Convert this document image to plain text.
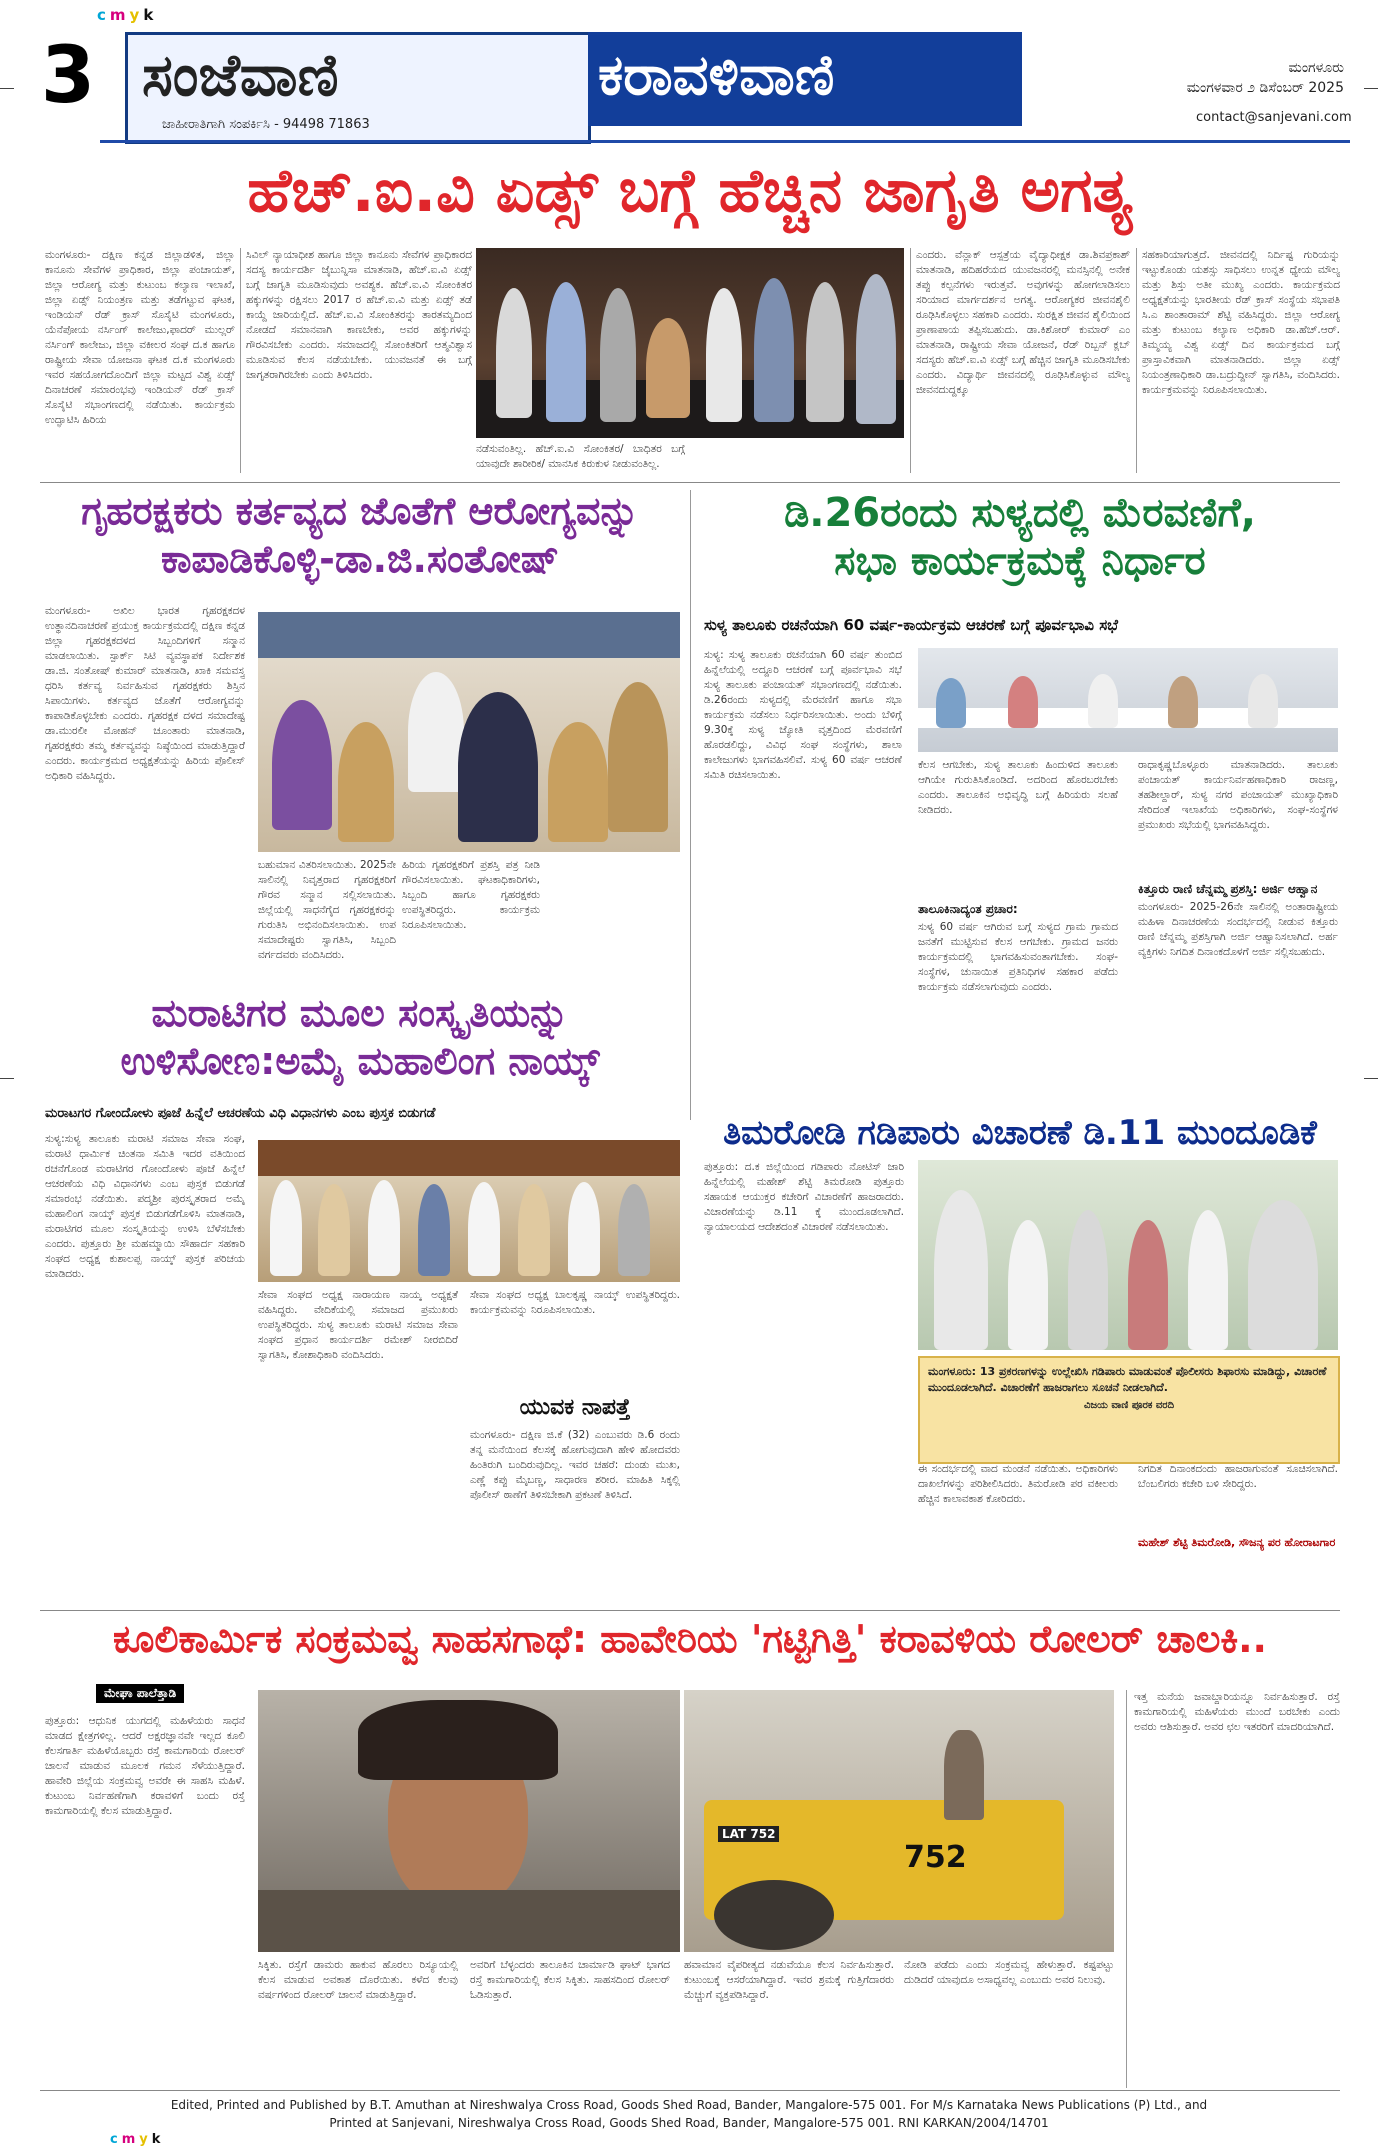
c m y k
3 ಸಂಜೆವಾಣಿ
ಜಾಹೀರಾತಿಗಾಗಿ ಸಂಪರ್ಕಿಸಿ - 94498 71863
ಕರಾವಳಿವಾಣಿ	ಮಂಗಳೂರು
ಮಂಗಳವಾರ ೨ ಡಿಸೆಂಬರ್ 2025
contact@sanjevani.com
ಹೆಚ್.ಐ.ವಿ ಏಡ್ಸ್ ಬಗ್ಗೆ ಹೆಚ್ಚಿನ ಜಾಗೃತಿ ಅಗತ್ಯ
ಮಂಗಳೂರು- ದಕ್ಷಿಣ ಕನ್ನಡ ಜಿಲ್ಲಾಡಳಿತ, ಜಿಲ್ಲಾ ಕಾನೂನು ಸೇವೆಗಳ ಪ್ರಾಧಿಕಾರ, ಜಿಲ್ಲಾ ಪಂಚಾಯತ್, ಜಿಲ್ಲಾ ಆರೋಗ್ಯ ಮತ್ತು ಕುಟುಂಬ ಕಲ್ಯಾಣ ಇಲಾಖೆ, ಜಿಲ್ಲಾ ಏಡ್ಸ್ ನಿಯಂತ್ರಣ ಮತ್ತು ತಡೆಗಟ್ಟುವ ಘಟಕ, ಇಂಡಿಯನ್ ರೆಡ್ ಕ್ರಾಸ್ ಸೊಸೈಟಿ ಮಂಗಳೂರು, ಯೆನೆಪೋಯ ನರ್ಸಿಂಗ್ ಕಾಲೇಜು,ಫಾದರ್ ಮುಲ್ಲರ್ ನರ್ಸಿಂಗ್ ಕಾಲೇಜು, ಜಿಲ್ಲಾ ವಕೀಲರ ಸಂಘ ದ.ಕ ಹಾಗೂ ರಾಷ್ಟ್ರೀಯ ಸೇವಾ ಯೋಜನಾ ಘಟಕ ದ.ಕ ಮಂಗಳೂರು ಇವರ ಸಹಯೋಗದೊಂದಿಗೆ ಜಿಲ್ಲಾ ಮಟ್ಟದ ವಿಶ್ವ ಏಡ್ಸ್ ದಿನಾಚರಣೆ ಸಮಾರಂಭವು ಇಂಡಿಯನ್ ರೆಡ್ ಕ್ರಾಸ್ ಸೊಸೈಟಿ ಸಭಾಂಗಣದಲ್ಲಿ ನಡೆಯಿತು. ಕಾರ್ಯಕ್ರಮ ಉದ್ಘಾಟಿಸಿ ಹಿರಿಯ
ಸಿವಿಲ್ ನ್ಯಾಯಾಧೀಶ ಹಾಗೂ ಜಿಲ್ಲಾ ಕಾನೂನು ಸೇವೆಗಳ ಪ್ರಾಧಿಕಾರದ ಸದಸ್ಯ ಕಾರ್ಯದರ್ಶಿ ಜೈಬುನ್ನಿಸಾ ಮಾತನಾಡಿ, ಹೆಚ್.ಐ.ವಿ ಏಡ್ಸ್ ಬಗ್ಗೆ ಜಾಗೃತಿ ಮೂಡಿಸುವುದು ಅವಶ್ಯಕ. ಹೆಚ್.ಐ.ವಿ ಸೋಂಕಿತರ ಹಕ್ಕುಗಳನ್ನು ರಕ್ಷಿಸಲು 2017 ರ ಹೆಚ್.ಐ.ವಿ ಮತ್ತು ಏಡ್ಸ್ ತಡೆ ಕಾಯ್ದೆ ಜಾರಿಯಲ್ಲಿದೆ. ಹೆಚ್.ಐ.ವಿ ಸೋಂಕಿತರನ್ನು ತಾರತಮ್ಯದಿಂದ ನೋಡದೆ ಸಮಾನವಾಗಿ ಕಾಣಬೇಕು, ಅವರ ಹಕ್ಕುಗಳನ್ನು ಗೌರವಿಸಬೇಕು ಎಂದರು. ಸಮಾಜದಲ್ಲಿ ಸೋಂಕಿತರಿಗೆ ಆತ್ಮವಿಶ್ವಾಸ ಮೂಡಿಸುವ ಕೆಲಸ ನಡೆಯಬೇಕು. ಯುವಜನತೆ ಈ ಬಗ್ಗೆ ಜಾಗೃತರಾಗಿರಬೇಕು ಎಂದು ತಿಳಿಸಿದರು.
ನಡೆಸುವಂತಿಲ್ಲ. ಹೆಚ್.ಐ.ವಿ ಸೋಂಕಿತರ/ ಬಾಧಿತರ ಬಗ್ಗೆ ಯಾವುದೇ ಶಾರೀರಿಕ/ ಮಾನಸಿಕ ಕಿರುಕುಳ ನೀಡುವಂತಿಲ್ಲ.
ಎಂದರು. ವೆನ್ಲಾಕ್ ಆಸ್ಪತ್ರೆಯ ವೈದ್ಯಾಧೀಕ್ಷಕ ಡಾ.ಶಿವಪ್ರಕಾಶ್ ಮಾತನಾಡಿ, ಹದಿಹರೆಯದ ಯುವಜನರಲ್ಲಿ ಮನಸ್ಸಿನಲ್ಲಿ ಅನೇಕ ತಪ್ಪು ಕಲ್ಪನೆಗಳು ಇರುತ್ತವೆ. ಅವುಗಳನ್ನು ಹೋಗಲಾಡಿಸಲು ಸರಿಯಾದ ಮಾರ್ಗದರ್ಶನ ಅಗತ್ಯ. ಆರೋಗ್ಯಕರ ಜೀವನಶೈಲಿ ರೂಢಿಸಿಕೊಳ್ಳಲು ಸಹಕಾರಿ ಎಂದರು. ಸುರಕ್ಷಿತ ಜೀವನ ಶೈಲಿಯಿಂದ ಪ್ರಾಣಾಪಾಯ ತಪ್ಪಿಸಬಹುದು. ಡಾ.ಕಿಶೋರ್ ಕುಮಾರ್ ಎಂ ಮಾತನಾಡಿ, ರಾಷ್ಟ್ರೀಯ ಸೇವಾ ಯೋಜನೆ, ರೆಡ್ ರಿಬ್ಬನ್ ಕ್ಲಬ್ ಸದಸ್ಯರು ಹೆಚ್.ಐ.ವಿ ಏಡ್ಸ್ ಬಗ್ಗೆ ಹೆಚ್ಚಿನ ಜಾಗೃತಿ ಮೂಡಿಸಬೇಕು ಎಂದರು. ವಿದ್ಯಾರ್ಥಿ ಜೀವನದಲ್ಲಿ ರೂಢಿಸಿಕೊಳ್ಳುವ ಮೌಲ್ಯ ಜೀವನದುದ್ದಕ್ಕೂ
ಸಹಕಾರಿಯಾಗುತ್ತದೆ. ಜೀವನದಲ್ಲಿ ನಿರ್ದಿಷ್ಟ ಗುರಿಯನ್ನು ಇಟ್ಟುಕೊಂಡು ಯಶಸ್ಸು ಸಾಧಿಸಲು ಉನ್ನತ ಧ್ಯೇಯ ಮೌಲ್ಯ ಮತ್ತು ಶಿಸ್ತು ಅತೀ ಮುಖ್ಯ ಎಂದರು. ಕಾರ್ಯಕ್ರಮದ ಅಧ್ಯಕ್ಷತೆಯನ್ನು ಭಾರತೀಯ ರೆಡ್ ಕ್ರಾಸ್ ಸಂಸ್ಥೆಯ ಸಭಾಪತಿ ಸಿ.ಎ ಶಾಂತಾರಾಮ್ ಶೆಟ್ಟಿ ವಹಿಸಿದ್ದರು. ಜಿಲ್ಲಾ ಆರೋಗ್ಯ ಮತ್ತು ಕುಟುಂಬ ಕಲ್ಯಾಣ ಅಧಿಕಾರಿ ಡಾ.ಹೆಚ್.ಆರ್. ತಿಮ್ಮಯ್ಯ ವಿಶ್ವ ಏಡ್ಸ್ ದಿನ ಕಾರ್ಯಕ್ರಮದ ಬಗ್ಗೆ ಪ್ರಾಸ್ತಾವಿಕವಾಗಿ ಮಾತನಾಡಿದರು. ಜಿಲ್ಲಾ ಏಡ್ಸ್ ನಿಯಂತ್ರಣಾಧಿಕಾರಿ ಡಾ.ಬದ್ರುದ್ದೀನ್ ಸ್ವಾಗತಿಸಿ, ವಂದಿಸಿದರು. ಕಾರ್ಯಕ್ರಮವನ್ನು ನಿರೂಪಿಸಲಾಯಿತು.
ಗೃಹರಕ್ಷಕರು ಕರ್ತವ್ಯದ ಜೊತೆಗೆ ಆರೋಗ್ಯವನ್ನು
ಕಾಪಾಡಿಕೊಳ್ಳಿ-ಡಾ.ಜಿ.ಸಂತೋಷ್
ಮಂಗಳೂರು- ಅಖಿಲ ಭಾರತ ಗೃಹರಕ್ಷಕದಳ ಉತ್ಥಾನದಿನಾಚರಣೆ ಪ್ರಯುಕ್ತ ಕಾರ್ಯಕ್ರಮದಲ್ಲಿ ದಕ್ಷಿಣ ಕನ್ನಡ ಜಿಲ್ಲಾ ಗೃಹರಕ್ಷಕದಳದ ಸಿಬ್ಬಂದಿಗಳಿಗೆ ಸನ್ಮಾನ ಮಾಡಲಾಯಿತು. ಸ್ಪಾರ್ಕ್ ಸಿಟಿ ವ್ಯವಸ್ಥಾಪಕ ನಿರ್ದೇಶಕ ಡಾ.ಜಿ. ಸಂತೋಷ್ ಕುಮಾರ್ ಮಾತನಾಡಿ, ಖಾಕಿ ಸಮವಸ್ತ್ರ ಧರಿಸಿ ಕರ್ತವ್ಯ ನಿರ್ವಹಿಸುವ ಗೃಹರಕ್ಷಕರು ಶಿಸ್ತಿನ ಸಿಪಾಯಿಗಳು. ಕರ್ತವ್ಯದ ಜೊತೆಗೆ ಆರೋಗ್ಯವನ್ನು ಕಾಪಾಡಿಕೊಳ್ಳಬೇಕು ಎಂದರು. ಗೃಹರಕ್ಷಕ ದಳದ ಸಮಾದೇಷ್ಟ ಡಾ.ಮುರಲೀ ಮೋಹನ್ ಚೂಂತಾರು ಮಾತನಾಡಿ, ಗೃಹರಕ್ಷಕರು ತಮ್ಮ ಕರ್ತವ್ಯವನ್ನು ನಿಷ್ಠೆಯಿಂದ ಮಾಡುತ್ತಿದ್ದಾರೆ ಎಂದರು. ಕಾರ್ಯಕ್ರಮದ ಅಧ್ಯಕ್ಷತೆಯನ್ನು ಹಿರಿಯ ಪೊಲೀಸ್ ಅಧಿಕಾರಿ ವಹಿಸಿದ್ದರು.
ಬಹುಮಾನ ವಿತರಿಸಲಾಯಿತು. 2025ನೇ ಸಾಲಿನಲ್ಲಿ ನಿವೃತ್ತರಾದ ಗೃಹರಕ್ಷಕರಿಗೆ ಗೌರವ ಸನ್ಮಾನ ಸಲ್ಲಿಸಲಾಯಿತು. ಜಿಲ್ಲೆಯಲ್ಲಿ ಸಾಧನೆಗೈದ ಗೃಹರಕ್ಷಕರನ್ನು ಗುರುತಿಸಿ ಅಭಿನಂದಿಸಲಾಯಿತು. ಉಪ ಸಮಾದೇಷ್ಟರು ಸ್ವಾಗತಿಸಿ, ಸಿಬ್ಬಂದಿ ವರ್ಗದವರು ವಂದಿಸಿದರು.
ಹಿರಿಯ ಗೃಹರಕ್ಷಕರಿಗೆ ಪ್ರಶಸ್ತಿ ಪತ್ರ ನೀಡಿ ಗೌರವಿಸಲಾಯಿತು. ಘಟಕಾಧಿಕಾರಿಗಳು, ಸಿಬ್ಬಂದಿ ಹಾಗೂ ಗೃಹರಕ್ಷಕರು ಉಪಸ್ಥಿತರಿದ್ದರು. ಕಾರ್ಯಕ್ರಮ ನಿರೂಪಿಸಲಾಯಿತು.
ಡಿ.26ರಂದು ಸುಳ್ಯದಲ್ಲಿ ಮೆರವಣಿಗೆ,
ಸಭಾ ಕಾರ್ಯಕ್ರಮಕ್ಕೆ ನಿರ್ಧಾರ
ಸುಳ್ಯ ತಾಲೂಕು ರಚನೆಯಾಗಿ 60 ವರ್ಷ-ಕಾರ್ಯಕ್ರಮ ಆಚರಣೆ ಬಗ್ಗೆ ಪೂರ್ವಭಾವಿ ಸಭೆ
ಸುಳ್ಯ: ಸುಳ್ಯ ತಾಲೂಕು ರಚನೆಯಾಗಿ 60 ವರ್ಷ ತುಂಬಿದ ಹಿನ್ನೆಲೆಯಲ್ಲಿ ಅದ್ದೂರಿ ಆಚರಣೆ ಬಗ್ಗೆ ಪೂರ್ವಭಾವಿ ಸಭೆ ಸುಳ್ಯ ತಾಲೂಕು ಪಂಚಾಯತ್ ಸಭಾಂಗಣದಲ್ಲಿ ನಡೆಯಿತು. ಡಿ.26ರಂದು ಸುಳ್ಯದಲ್ಲಿ ಮೆರವಣಿಗೆ ಹಾಗೂ ಸಭಾ ಕಾರ್ಯಕ್ರಮ ನಡೆಸಲು ನಿರ್ಧರಿಸಲಾಯಿತು. ಅಂದು ಬೆಳಿಗ್ಗೆ 9.30ಕ್ಕೆ ಸುಳ್ಯ ಜ್ಯೋತಿ ವೃತ್ತದಿಂದ ಮೆರವಣಿಗೆ ಹೊರಡಲಿದ್ದು, ವಿವಿಧ ಸಂಘ ಸಂಸ್ಥೆಗಳು, ಶಾಲಾ ಕಾಲೇಜುಗಳು ಭಾಗವಹಿಸಲಿವೆ. ಸುಳ್ಯ 60 ವರ್ಷ ಆಚರಣೆ ಸಮಿತಿ ರಚಿಸಲಾಯಿತು.
ಕೆಲಸ ಆಗಬೇಕು, ಸುಳ್ಯ ತಾಲೂಕು ಹಿಂದುಳಿದ ತಾಲೂಕು ಆಗಿಯೇ ಗುರುತಿಸಿಕೊಂಡಿದೆ. ಅದರಿಂದ ಹೊರಬರಬೇಕು ಎಂದರು. ತಾಲೂಕಿನ ಅಭಿವೃದ್ಧಿ ಬಗ್ಗೆ ಹಿರಿಯರು ಸಲಹೆ ನೀಡಿದರು.
ತಾಲೂಕಿನಾದ್ಯಂತ ಪ್ರಚಾರ:
ಸುಳ್ಯ 60 ವರ್ಷ ಆಗಿರುವ ಬಗ್ಗೆ ಸುಳ್ಯದ ಗ್ರಾಮ ಗ್ರಾಮದ ಜನತೆಗೆ ಮುಟ್ಟಿಸುವ ಕೆಲಸ ಆಗಬೇಕು. ಗ್ರಾಮದ ಜನರು ಕಾರ್ಯಕ್ರಮದಲ್ಲಿ ಭಾಗವಹಿಸುವಂತಾಗಬೇಕು. ಸಂಘ-ಸಂಸ್ಥೆಗಳ, ಚುನಾಯಿತ ಪ್ರತಿನಿಧಿಗಳ ಸಹಕಾರ ಪಡೆದು ಕಾರ್ಯಕ್ರಮ ನಡೆಸಲಾಗುವುದು ಎಂದರು.
ರಾಧಾಕೃಷ್ಣಬೊಳ್ಳೂರು ಮಾತನಾಡಿದರು. ತಾಲೂಕು ಪಂಚಾಯತ್ ಕಾರ್ಯನಿರ್ವಹಣಾಧಿಕಾರಿ ರಾಜಣ್ಣ, ತಹಶೀಲ್ದಾರ್, ಸುಳ್ಯ ನಗರ ಪಂಚಾಯತ್ ಮುಖ್ಯಾಧಿಕಾರಿ ಸೇರಿದಂತೆ ಇಲಾಖೆಯ ಅಧಿಕಾರಿಗಳು, ಸಂಘ-ಸಂಸ್ಥೆಗಳ ಪ್ರಮುಖರು ಸಭೆಯಲ್ಲಿ ಭಾಗವಹಿಸಿದ್ದರು.
ಕಿತ್ತೂರು ರಾಣಿ ಚೆನ್ನಮ್ಮ ಪ್ರಶಸ್ತಿ: ಅರ್ಜಿ ಆಹ್ವಾನ
ಮಂಗಳೂರು- 2025-26ನೇ ಸಾಲಿನಲ್ಲಿ ಅಂತಾರಾಷ್ಟ್ರೀಯ ಮಹಿಳಾ ದಿನಾಚರಣೆಯ ಸಂದರ್ಭದಲ್ಲಿ ನೀಡುವ ಕಿತ್ತೂರು ರಾಣಿ ಚೆನ್ನಮ್ಮ ಪ್ರಶಸ್ತಿಗಾಗಿ ಅರ್ಜಿ ಆಹ್ವಾನಿಸಲಾಗಿದೆ. ಅರ್ಹ ವ್ಯಕ್ತಿಗಳು ನಿಗದಿತ ದಿನಾಂಕದೊಳಗೆ ಅರ್ಜಿ ಸಲ್ಲಿಸಬಹುದು.
ಮರಾಟಿಗರ ಮೂಲ ಸಂಸ್ಕೃತಿಯನ್ನು
ಉಳಿಸೋಣ:ಅಮೈ ಮಹಾಲಿಂಗ ನಾಯ್ಕ್
ಮರಾಟಗರ ಗೋಂದೋಳು ಪೂಜೆ ಹಿನ್ನೆಲೆ ಆಚರಣೆಯ ವಿಧಿ ವಿಧಾನಗಳು ಎಂಬ ಪುಸ್ತಕ ಬಿಡುಗಡೆ
ಸುಳ್ಯ:ಸುಳ್ಯ ತಾಲೂಕು ಮರಾಟಿ ಸಮಾಜ ಸೇವಾ ಸಂಘ, ಮರಾಟಿ ಧಾರ್ಮಿಕ ಚಿಂತನಾ ಸಮಿತಿ ಇದರ ವತಿಯಿಂದ ರಚನೆಗೊಂಡ ಮರಾಟಿಗರ ಗೋಂದೋಳು ಪೂಜೆ ಹಿನ್ನೆಲೆ ಆಚರಣೆಯ ವಿಧಿ ವಿಧಾನಗಳು ಎಂಬ ಪುಸ್ತಕ ಬಿಡುಗಡೆ ಸಮಾರಂಭ ನಡೆಯಿತು. ಪದ್ಮಶ್ರೀ ಪುರಸ್ಕೃತರಾದ ಅಮೈ ಮಹಾಲಿಂಗ ನಾಯ್ಕ್ ಪುಸ್ತಕ ಬಿಡುಗಡೆಗೊಳಿಸಿ ಮಾತನಾಡಿ, ಮರಾಟಿಗರ ಮೂಲ ಸಂಸ್ಕೃತಿಯನ್ನು ಉಳಿಸಿ ಬೆಳೆಸಬೇಕು ಎಂದರು. ಪುತ್ತೂರು ಶ್ರೀ ಮಹಮ್ಮಾಯಿ ಸೌಹಾರ್ದ ಸಹಕಾರಿ ಸಂಘದ ಅಧ್ಯಕ್ಷ ಕುಶಾಲಪ್ಪ ನಾಯ್ಕ್ ಪುಸ್ತಕ ಪರಿಚಯ ಮಾಡಿದರು.
ಸೇವಾ ಸಂಘದ ಅಧ್ಯಕ್ಷ ನಾರಾಯಣ ನಾಯ್ಕ ಅಧ್ಯಕ್ಷತೆ ವಹಿಸಿದ್ದರು. ವೇದಿಕೆಯಲ್ಲಿ ಸಮಾಜದ ಪ್ರಮುಖರು ಉಪಸ್ಥಿತರಿದ್ದರು. ಸುಳ್ಯ ತಾಲೂಕು ಮರಾಟಿ ಸಮಾಜ ಸೇವಾ ಸಂಘದ ಪ್ರಧಾನ ಕಾರ್ಯದರ್ಶಿ ರಮೇಶ್ ನೀರಬಿದಿರೆ ಸ್ವಾಗತಿಸಿ, ಕೋಶಾಧಿಕಾರಿ ವಂದಿಸಿದರು.
ಸೇವಾ ಸಂಘದ ಅಧ್ಯಕ್ಷ ಬಾಲಕೃಷ್ಣ ನಾಯ್ಕ್ ಉಪಸ್ಥಿತರಿದ್ದರು. ಕಾರ್ಯಕ್ರಮವನ್ನು ನಿರೂಪಿಸಲಾಯಿತು.
ಯುವಕ ನಾಪತ್ತೆ
ಮಂಗಳೂರು- ದಕ್ಷಿಣ ಜಿ.ಕೆ (32) ಎಂಬುವರು ಡಿ.6 ರಂದು ತನ್ನ ಮನೆಯಿಂದ ಕೆಲಸಕ್ಕೆ ಹೋಗುವುದಾಗಿ ಹೇಳಿ ಹೋದವರು ಹಿಂತಿರುಗಿ ಬಂದಿರುವುದಿಲ್ಲ. ಇವರ ಚಹರೆ: ದುಂಡು ಮುಖ, ಎಣ್ಣೆ ಕಪ್ಪು ಮೈಬಣ್ಣ, ಸಾಧಾರಣ ಶರೀರ. ಮಾಹಿತಿ ಸಿಕ್ಕಲ್ಲಿ ಪೊಲೀಸ್ ಠಾಣೆಗೆ ತಿಳಿಸಬೇಕಾಗಿ ಪ್ರಕಟಣೆ ತಿಳಿಸಿದೆ.
ತಿಮರೋಡಿ ಗಡಿಪಾರು ವಿಚಾರಣೆ ಡಿ.11 ಮುಂದೂಡಿಕೆ
ಪುತ್ತೂರು: ದ.ಕ ಜಿಲ್ಲೆಯಿಂದ ಗಡಿಪಾರು ನೋಟಿಸ್ ಜಾರಿ ಹಿನ್ನೆಲೆಯಲ್ಲಿ ಮಹೇಶ್ ಶೆಟ್ಟಿ ತಿಮರೋಡಿ ಪುತ್ತೂರು ಸಹಾಯಕ ಆಯುಕ್ತರ ಕಚೇರಿಗೆ ವಿಚಾರಣೆಗೆ ಹಾಜರಾದರು. ವಿಚಾರಣೆಯನ್ನು ಡಿ.11 ಕ್ಕೆ ಮುಂದೂಡಲಾಗಿದೆ. ನ್ಯಾಯಾಲಯದ ಆದೇಶದಂತೆ ವಿಚಾರಣೆ ನಡೆಸಲಾಯಿತು.
ಮಂಗಳೂರು: 13 ಪ್ರಕರಣಗಳನ್ನು ಉಲ್ಲೇಖಿಸಿ ಗಡಿಪಾರು ಮಾಡುವಂತೆ ಪೊಲೀಸರು ಶಿಫಾರಸು ಮಾಡಿದ್ದು, ವಿಚಾರಣೆ ಮುಂದೂಡಲಾಗಿದೆ. ವಿಚಾರಣೆಗೆ ಹಾಜರಾಗಲು ಸೂಚನೆ ನೀಡಲಾಗಿದೆ.
ವಿಜಯ ವಾಣಿ ಪೂರಕ ವರದಿ
ಈ ಸಂದರ್ಭದಲ್ಲಿ ವಾದ ಮಂಡನೆ ನಡೆಯಿತು. ಅಧಿಕಾರಿಗಳು ದಾಖಲೆಗಳನ್ನು ಪರಿಶೀಲಿಸಿದರು. ತಿಮರೋಡಿ ಪರ ವಕೀಲರು ಹೆಚ್ಚಿನ ಕಾಲಾವಕಾಶ ಕೋರಿದರು.
ನಿಗದಿತ ದಿನಾಂಕದಂದು ಹಾಜರಾಗುವಂತೆ ಸೂಚಿಸಲಾಗಿದೆ. ಬೆಂಬಲಿಗರು ಕಚೇರಿ ಬಳಿ ಸೇರಿದ್ದರು.
ಮಹೇಶ್ ಶೆಟ್ಟಿ ತಿಮರೋಡಿ, ಸೌಜನ್ಯ ಪರ ಹೋರಾಟಗಾರ
ಕೂಲಿಕಾರ್ಮಿಕ ಸಂಕ್ರಮವ್ವ ಸಾಹಸಗಾಥೆ: ಹಾವೇರಿಯ 'ಗಟ್ಟಿಗಿತ್ತಿ' ಕರಾವಳಿಯ ರೋಲರ್ ಚಾಲಕಿ..
ಮೇಘಾ ಪಾಲೆತ್ತಾಡಿ
ಪುತ್ತೂರು: ಆಧುನಿಕ ಯುಗದಲ್ಲಿ ಮಹಿಳೆಯರು ಸಾಧನೆ ಮಾಡದ ಕ್ಷೇತ್ರಗಳಿಲ್ಲ. ಆದರೆ ಅಕ್ಷರಜ್ಞಾನವೇ ಇಲ್ಲದ ಕೂಲಿ ಕೆಲಸಗಾರ್ತಿ ಮಹಿಳೆಯೊಬ್ಬರು ರಸ್ತೆ ಕಾಮಗಾರಿಯ ರೋಲರ್ ಚಾಲನೆ ಮಾಡುವ ಮೂಲಕ ಗಮನ ಸೆಳೆಯುತ್ತಿದ್ದಾರೆ. ಹಾವೇರಿ ಜಿಲ್ಲೆಯ ಸಂಕ್ರಮವ್ವ ಅವರೇ ಈ ಸಾಹಸಿ ಮಹಿಳೆ. ಕುಟುಂಬ ನಿರ್ವಹಣೆಗಾಗಿ ಕರಾವಳಿಗೆ ಬಂದು ರಸ್ತೆ ಕಾಮಗಾರಿಯಲ್ಲಿ ಕೆಲಸ ಮಾಡುತ್ತಿದ್ದಾರೆ.
752
LAT 752
ಸಿಕ್ಕಿತು. ರಸ್ತೆಗೆ ಡಾಮರು ಹಾಕುವ ಹೊರಲು ರಿಸ್ಯೂಯಲ್ಲಿ ಕೆಲಸ ಮಾಡುವ ಅವಕಾಶ ದೊರೆಯಿತು. ಕಳೆದ ಕೆಲವು ವರ್ಷಗಳಿಂದ ರೋಲರ್ ಚಾಲನೆ ಮಾಡುತ್ತಿದ್ದಾರೆ.
ಅವರಿಗೆ ಬೆಳ್ಳಂದರು ತಾಲೂಕಿನ ಚಾರ್ಮಾಡಿ ಘಾಟ್ ಭಾಗದ ರಸ್ತೆ ಕಾಮಗಾರಿಯಲ್ಲಿ ಕೆಲಸ ಸಿಕ್ಕಿತು. ಸಾಹಸದಿಂದ ರೋಲರ್ ಓಡಿಸುತ್ತಾರೆ.
ಹವಾಮಾನ ವೈಪರೀತ್ಯದ ನಡುವೆಯೂ ಕೆಲಸ ನಿರ್ವಹಿಸುತ್ತಾರೆ. ಕುಟುಂಬಕ್ಕೆ ಆಸರೆಯಾಗಿದ್ದಾರೆ. ಇವರ ಶ್ರಮಕ್ಕೆ ಗುತ್ತಿಗೆದಾರರು ಮೆಚ್ಚುಗೆ ವ್ಯಕ್ತಪಡಿಸಿದ್ದಾರೆ.
ನೋಡಿ ಪಡೆದು ಎಂದು ಸಂಕ್ರಮವ್ವ ಹೇಳುತ್ತಾರೆ. ಕಷ್ಟಪಟ್ಟು ದುಡಿದರೆ ಯಾವುದೂ ಅಸಾಧ್ಯವಲ್ಲ ಎಂಬುದು ಅವರ ನಿಲುವು.
ಇತ್ತ ಮನೆಯ ಜವಾಬ್ದಾರಿಯನ್ನೂ ನಿರ್ವಹಿಸುತ್ತಾರೆ. ರಸ್ತೆ ಕಾಮಗಾರಿಯಲ್ಲಿ ಮಹಿಳೆಯರು ಮುಂದೆ ಬರಬೇಕು ಎಂದು ಅವರು ಆಶಿಸುತ್ತಾರೆ. ಅವರ ಛಲ ಇತರರಿಗೆ ಮಾದರಿಯಾಗಿದೆ.
Edited, Printed and Published by B.T. Amuthan at Nireshwalya Cross Road, Goods Shed Road, Bander, Mangalore-575 001. For M/s Karnataka News Publications (P) Ltd., and
Printed at Sanjevani, Nireshwalya Cross Road, Goods Shed Road, Bander, Mangalore-575 001. RNI KARKAN/2004/14701
c m y k
